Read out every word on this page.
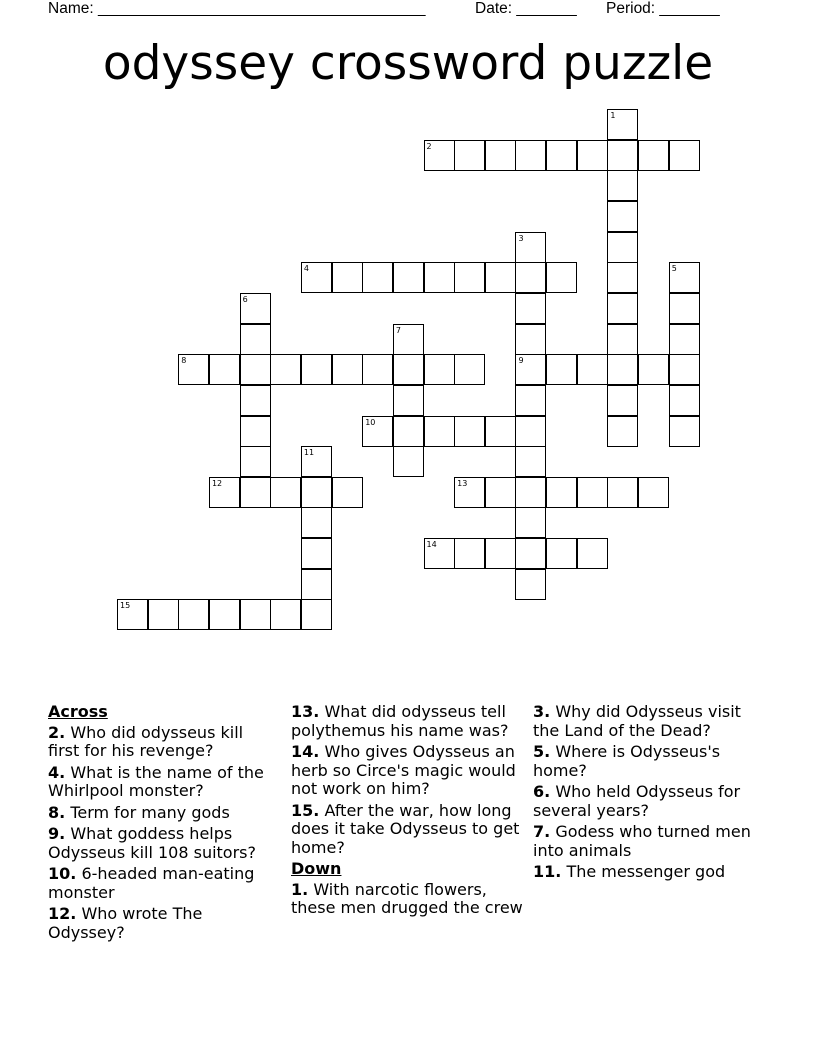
Name: ______________________________________	Date: _______ Period: _______
odyssey crossword puzzle
1
2
3
4	5
6
7
8	9
10
11
12	13
14
15
Across
2. Who did odysseus kill first for his revenge?
4. What is the name of the Whirlpool monster?
8. Term for many gods
9. What goddess helps Odysseus kill 108 suitors?
10. 6-headed man-eating monster
12. Who wrote The Odyssey?
13. What did odysseus tell polythemus his name was?
14. Who gives Odysseus an herb so Circe's magic would not work on him?
15. After the war, how long does it take Odysseus to get home?
Down
1. With narcotic flowers, these men drugged the crew
3. Why did Odysseus visit the Land of the Dead?
5. Where is Odysseus's home?
6. Who held Odysseus for several years?
7. Godess who turned men into animals
11. The messenger god
